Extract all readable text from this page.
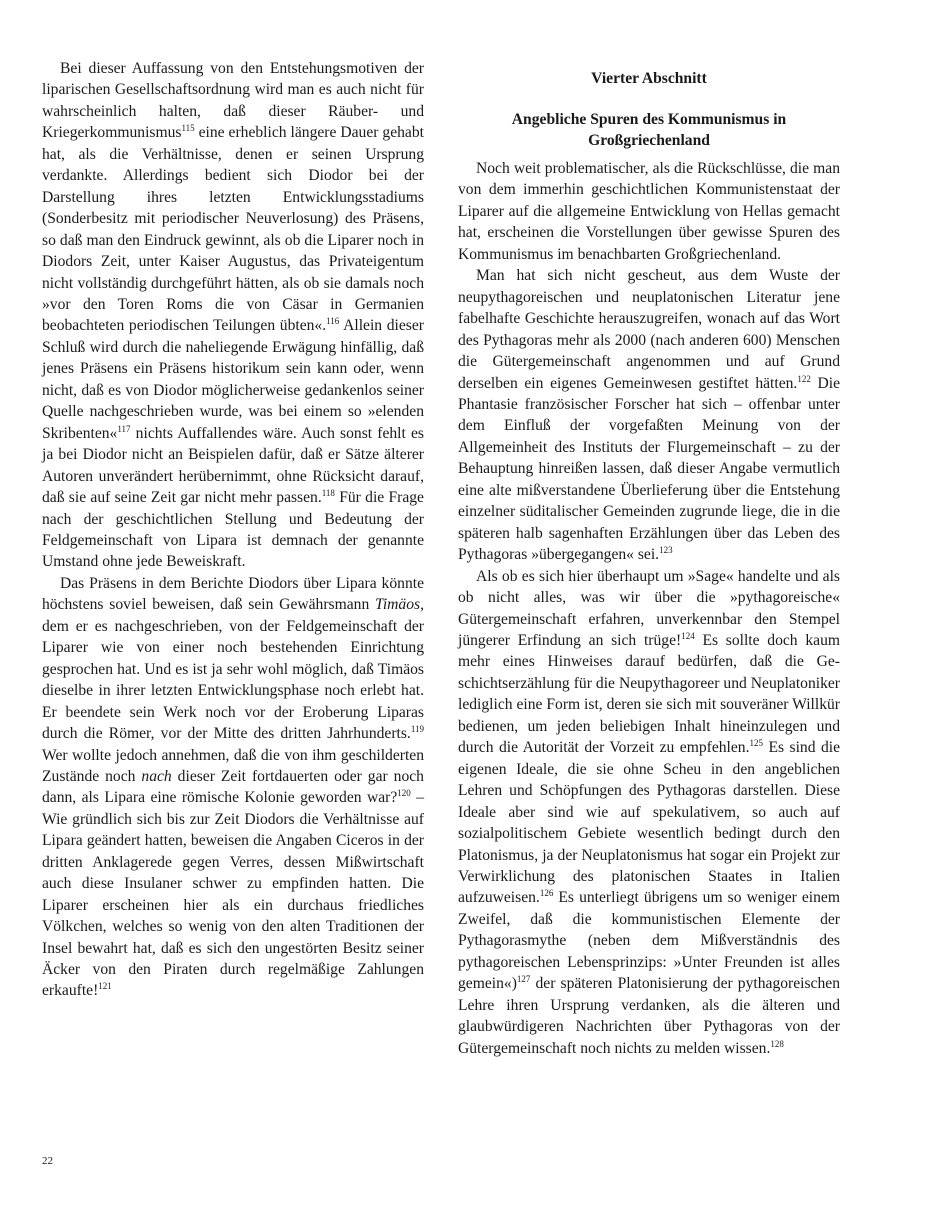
Bei dieser Auffassung von den Entstehungsmotiven der liparischen Gesellschaftsordnung wird man es auch nicht für wahrscheinlich halten, daß dieser Räuber- und Kriegerkommunismus$^{115}$ eine erheblich längere Dauer gehabt hat, als die Verhältnisse, denen er seinen Ursprung verdankte. Allerdings bedient sich Diodor bei der Darstellung ihres letzten Entwicklungsstadiums (Sonderbesitz mit periodischer Neuverlosung) des Präsens, so daß man den Eindruck gewinnt, als ob die Liparer noch in Diodors Zeit, unter Kaiser Augustus, das Privateigentum nicht vollständig durchgeführt hätten, als ob sie damals noch »vor den Toren Roms die von Cäsar in Germanien beobachteten periodischen Teilungen übten«.$^{116}$ Allein dieser Schluß wird durch die naheliegende Erwägung hinfällig, daß jenes Präsens ein Präsens historikum sein kann oder, wenn nicht, daß es von Diodor möglicherweise gedankenlos seiner Quelle nachgeschrieben wurde, was bei einem so »elenden Skribenten«$^{117}$ nichts Auffallendes wäre. Auch sonst fehlt es ja bei Diodor nicht an Beispielen dafür, daß er Sätze älterer Autoren unverändert herübernimmt, ohne Rücksicht darauf, daß sie auf seine Zeit gar nicht mehr passen.$^{118}$ Für die Frage nach der geschichtlichen Stellung und Bedeutung der Feldgemeinschaft von Lipara ist demnach der genannte Umstand ohne jede Beweiskraft.

Das Präsens in dem Berichte Diodors über Lipara könnte höchstens soviel beweisen, daß sein Gewährsmann Timäos, dem er es nachgeschrieben, von der Feldgemeinschaft der Liparer wie von einer noch bestehenden Einrichtung gesprochen hat. Und es ist ja sehr wohl möglich, daß Timäos dieselbe in ihrer letzten Entwicklungsphase noch erlebt hat. Er beendete sein Werk noch vor der Eroberung Liparas durch die Römer, vor der Mitte des dritten Jahrhunderts.$^{119}$ Wer wollte jedoch annehmen, daß die von ihm geschilderten Zustände noch nach dieser Zeit fortdauerten oder gar noch dann, als Lipara eine römische Kolonie geworden war?$^{120}$ – Wie gründlich sich bis zur Zeit Diodors die Verhältnisse auf Lipara geändert hatten, beweisen die Angaben Ciceros in der dritten Anklagerede gegen Verres, dessen Mißwirtschaft auch diese Insulaner schwer zu empfinden hatten. Die Liparer erscheinen hier als ein durchaus friedliches Völkchen, welches so wenig von den alten Traditionen der Insel bewahrt hat, daß es sich den ungestörten Besitz seiner Äcker von den Piraten durch regelmäßige Zahlungen erkaufte!$^{121}$

Vierter Abschnitt
Angebliche Spuren des Kommunismus in Großgriechenland

Noch weit problematischer, als die Rückschlüsse, die man von dem immerhin geschichtlichen Kommunistenstaat der Liparer auf die allgemeine Entwicklung von Hellas gemacht hat, erscheinen die Vorstellungen über gewisse Spuren des Kommunismus im benachbarten Großgriechenland.

Man hat sich nicht gescheut, aus dem Wuste der neupythagoreischen und neuplatonischen Literatur jene fabelhafte Geschichte herauszugreifen, wonach auf das Wort des Pythagoras mehr als 2000 (nach anderen 600) Menschen die Gütergemeinschaft angenommen und auf Grund derselben ein eigenes Gemeinwesen gestiftet hätten.$^{122}$ Die Phantasie französischer Forscher hat sich – offenbar unter dem Einfluß der vorgefaßten Meinung von der Allgemeinheit des Instituts der Flurgemeinschaft – zu der Behauptung hinreißen lassen, daß dieser Angabe vermutlich eine alte mißverstandene Überlieferung über die Entstehung einzelner süditalischer Gemeinden zugrunde liege, die in die späteren halb sagenhaften Erzählungen über das Leben des Pythagoras »übergegangen« sei.$^{123}$

Als ob es sich hier überhaupt um »Sage« handelte und als ob nicht alles, was wir über die »pythagoreische« Gütergemeinschaft erfahren, unverkennbar den Stempel jüngerer Erfindung an sich trüge!$^{124}$ Es sollte doch kaum mehr eines Hinweises darauf bedürfen, daß die Geschichtserzählung für die Neupythagoreer und Neuplatoniker lediglich eine Form ist, deren sie sich mit souveräner Willkür bedienen, um jeden beliebigen Inhalt hineinzulegen und durch die Autorität der Vorzeit zu empfehlen.$^{125}$ Es sind die eigenen Ideale, die sie ohne Scheu in den angeblichen Lehren und Schöpfungen des Pythagoras darstellen. Diese Ideale aber sind wie auf spekulativem, so auch auf sozialpolitischem Gebiete wesentlich bedingt durch den Platonismus, ja der Neuplatonismus hat sogar ein Projekt zur Verwirklichung des platonischen Staates in Italien aufzuweisen.$^{126}$ Es unterliegt übrigens um so weniger einem Zweifel, daß die kommunistischen Elemente der Pythagorasmythe (neben dem Mißverständnis des pythagoreischen Lebensprinzips: »Unter Freunden ist alles gemein«)$^{127}$ der späteren Platonisierung der pythagoreischen Lehre ihren Ursprung verdanken, als die älteren und glaubwürdigeren Nachrichten über Pythagoras von der Gütergemeinschaft noch nichts zu melden wissen.$^{128}$

22
